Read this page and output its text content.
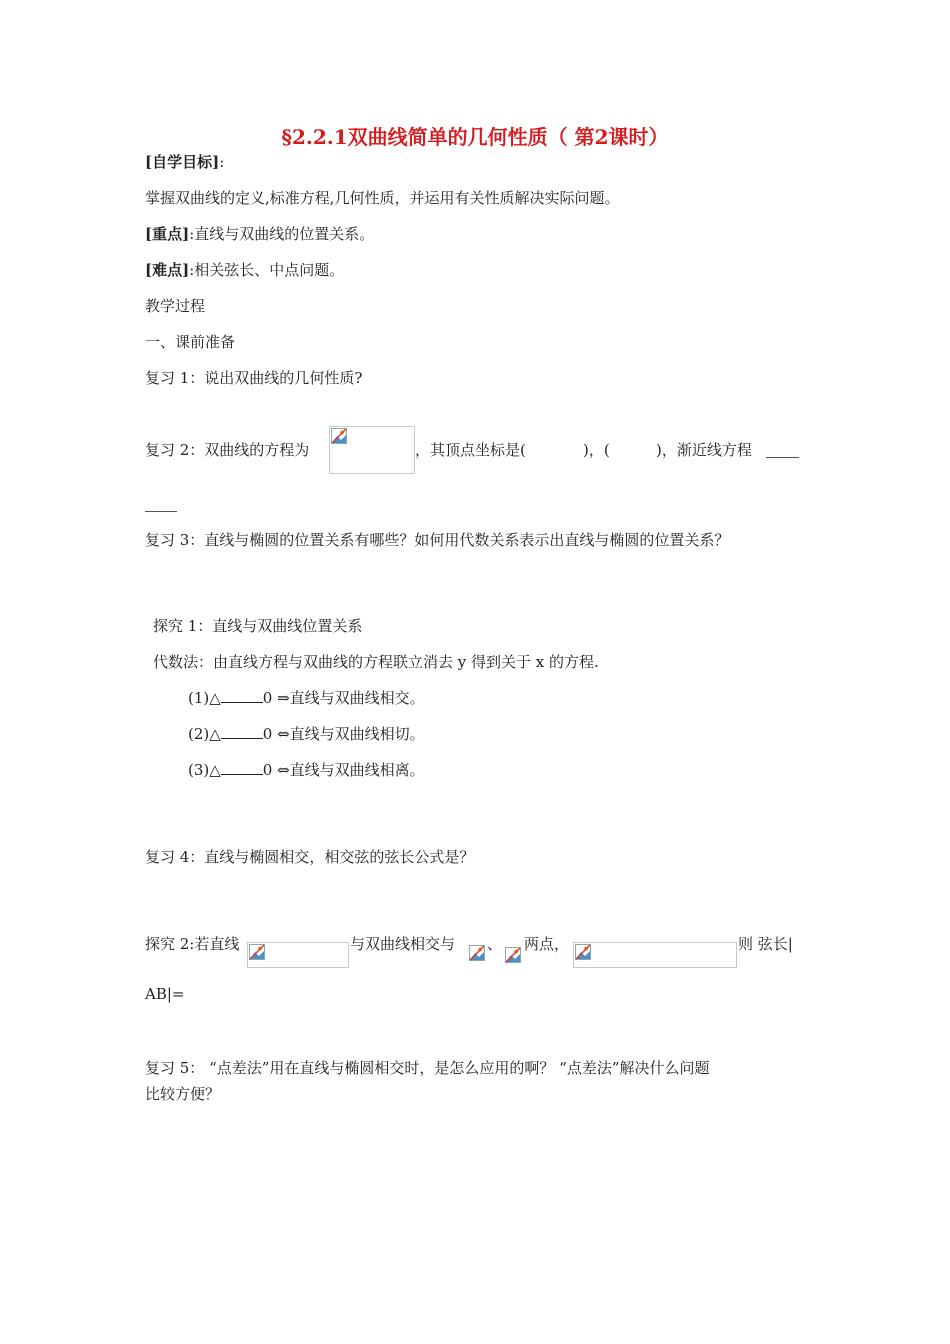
§2.2.1双曲线简单的几何性质（ 第2课时）
[自学目标]:
掌握双曲线的定义,标准方程,几何性质，并运用有关性质解决实际问题。
[重点]:直线与双曲线的位置关系。
[难点]:相关弦长、中点问题。
教学过程
一、课前准备
复习 1：说出双曲线的几何性质?
复习 2：双曲线的方程为	，其顶点坐标是(	)，(	)，渐近线方程
复习 3：直线与椭圆的位置关系有哪些？如何用代数关系表示出直线与椭圆的位置关系？
探究 1：直线与双曲线位置关系
代数法：由直线方程与双曲线的方程联立消去 y 得到关于 x 的方程.
(1)△	0 ⇒直线与双曲线相交。
(2)△	0 ⇔直线与双曲线相切。
(3)△	0 ⇔直线与双曲线相离。
复习 4：直线与椭圆相交，相交弦的弦长公式是？
探究 2:若直线	与双曲线相交与 、 两点，	则 弦长|
AB|=
复习 5： “点差法”用在直线与椭圆相交时，是怎么应用的啊？ “点差法”解决什么问题
比较方便？
